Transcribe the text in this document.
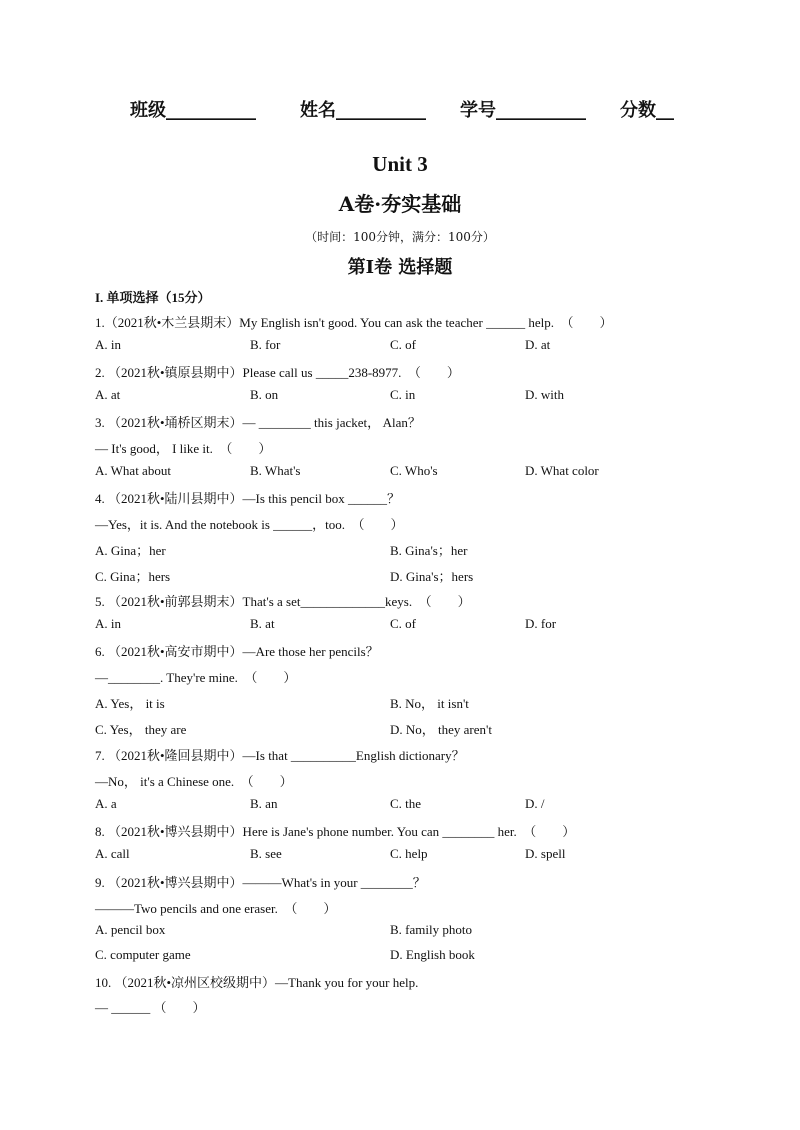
班级__________ 姓名__________ 学号__________ 分数__
Unit 3
A卷·夯实基础
（时间：100分钟，满分：100分）
第Ⅰ卷 选择题
I. 单项选择（15分）
1.（2021秋•木兰县期末）My English isn't good. You can ask the teacher ______ help.  （        ）
A. in	B. for	C. of	D. at
2. （2021秋•镇原县期中）Please call us _____238-8977.  （        ）
A. at	B. on	C. in	D. with
3. （2021秋•埇桥区期末）— ________ this jacket， Alan？
— It's good， I like it.  （        ）
A. What about	B. What's	C. Who's	D. What color
4. （2021秋•陆川县期中）—Is this pencil box ______？
—Yes，it is. And the notebook is ______，too.  （        ）
A. Gina；her	B. Gina's；her
C. Gina；hers	D. Gina's；hers
5. （2021秋•前郭县期末）That's a set_____________keys.  （        ）
A. in	B. at	C. of	D. for
6. （2021秋•高安市期中）—Are those her pencils？
—________. They're mine.  （        ）
A. Yes， it is	B. No， it isn't
C. Yes， they are	D. No， they aren't
7. （2021秋•隆回县期中）—Is that __________English dictionary？
—No， it's a Chinese one.  （        ）
A. a	B. an	C. the	D. /
8. （2021秋•博兴县期中）Here is Jane's phone number. You can ________ her.  （        ）
A. call	B. see	C. help	D. spell
9. （2021秋•博兴县期中）———What's in your ________？
———Two pencils and one eraser.  （        ）
A. pencil box	B. family photo
C. computer game	D. English book
10. （2021秋•凉州区校级期中）—Thank you for your help.
— ______ （        ）
